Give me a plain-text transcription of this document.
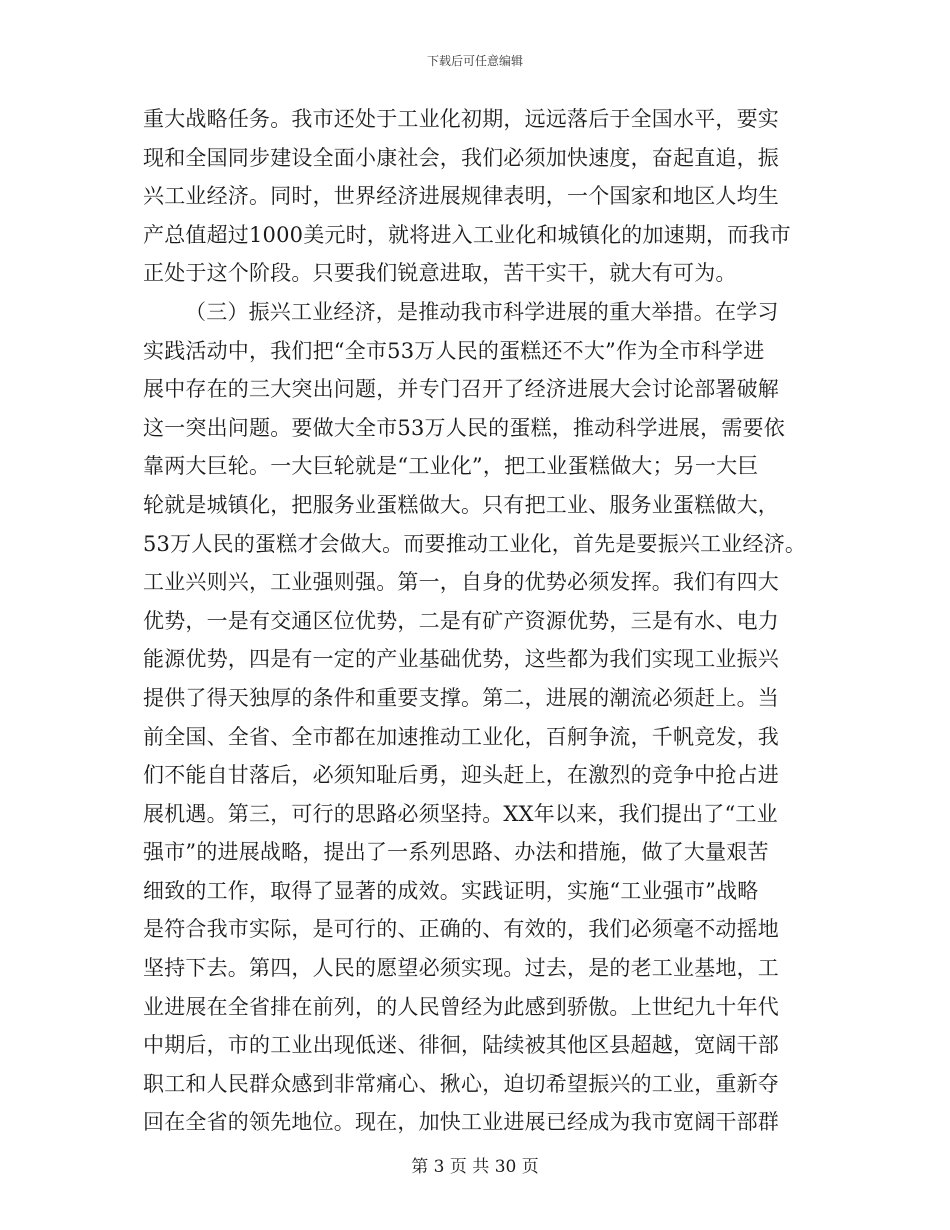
下载后可任意编辑
重大战略任务。我市还处于工业化初期，远远落后于全国水平，要实
现和全国同步建设全面小康社会，我们必须加快速度，奋起直追，振
兴工业经济。同时，世界经济进展规律表明，一个国家和地区人均生
产总值超过1000美元时，就将进入工业化和城镇化的加速期，而我市
正处于这个阶段。只要我们锐意进取，苦干实干，就大有可为。
（三）振兴工业经济，是推动我市科学进展的重大举措。在学习
实践活动中，我们把“全市53万人民的蛋糕还不大”作为全市科学进
展中存在的三大突出问题，并专门召开了经济进展大会讨论部署破解
这一突出问题。要做大全市53万人民的蛋糕，推动科学进展，需要依
靠两大巨轮。一大巨轮就是“工业化”，把工业蛋糕做大；另一大巨
轮就是城镇化，把服务业蛋糕做大。只有把工业、服务业蛋糕做大，
53万人民的蛋糕才会做大。而要推动工业化，首先是要振兴工业经济。
工业兴则兴，工业强则强。第一，自身的优势必须发挥。我们有四大
优势，一是有交通区位优势，二是有矿产资源优势，三是有水、电力
能源优势，四是有一定的产业基础优势，这些都为我们实现工业振兴
提供了得天独厚的条件和重要支撑。第二，进展的潮流必须赶上。当
前全国、全省、全市都在加速推动工业化，百舸争流，千帆竞发，我
们不能自甘落后，必须知耻后勇，迎头赶上，在激烈的竞争中抢占进
展机遇。第三，可行的思路必须坚持。XX年以来，我们提出了“工业
强市”的进展战略，提出了一系列思路、办法和措施，做了大量艰苦
细致的工作，取得了显著的成效。实践证明，实施“工业强市”战略
是符合我市实际，是可行的、正确的、有效的，我们必须毫不动摇地
坚持下去。第四，人民的愿望必须实现。过去，是的老工业基地，工
业进展在全省排在前列，的人民曾经为此感到骄傲。上世纪九十年代
中期后，市的工业出现低迷、徘徊，陆续被其他区县超越，宽阔干部
职工和人民群众感到非常痛心、揪心，迫切希望振兴的工业，重新夺
回在全省的领先地位。现在，加快工业进展已经成为我市宽阔干部群
第 3 页 共 30 页
